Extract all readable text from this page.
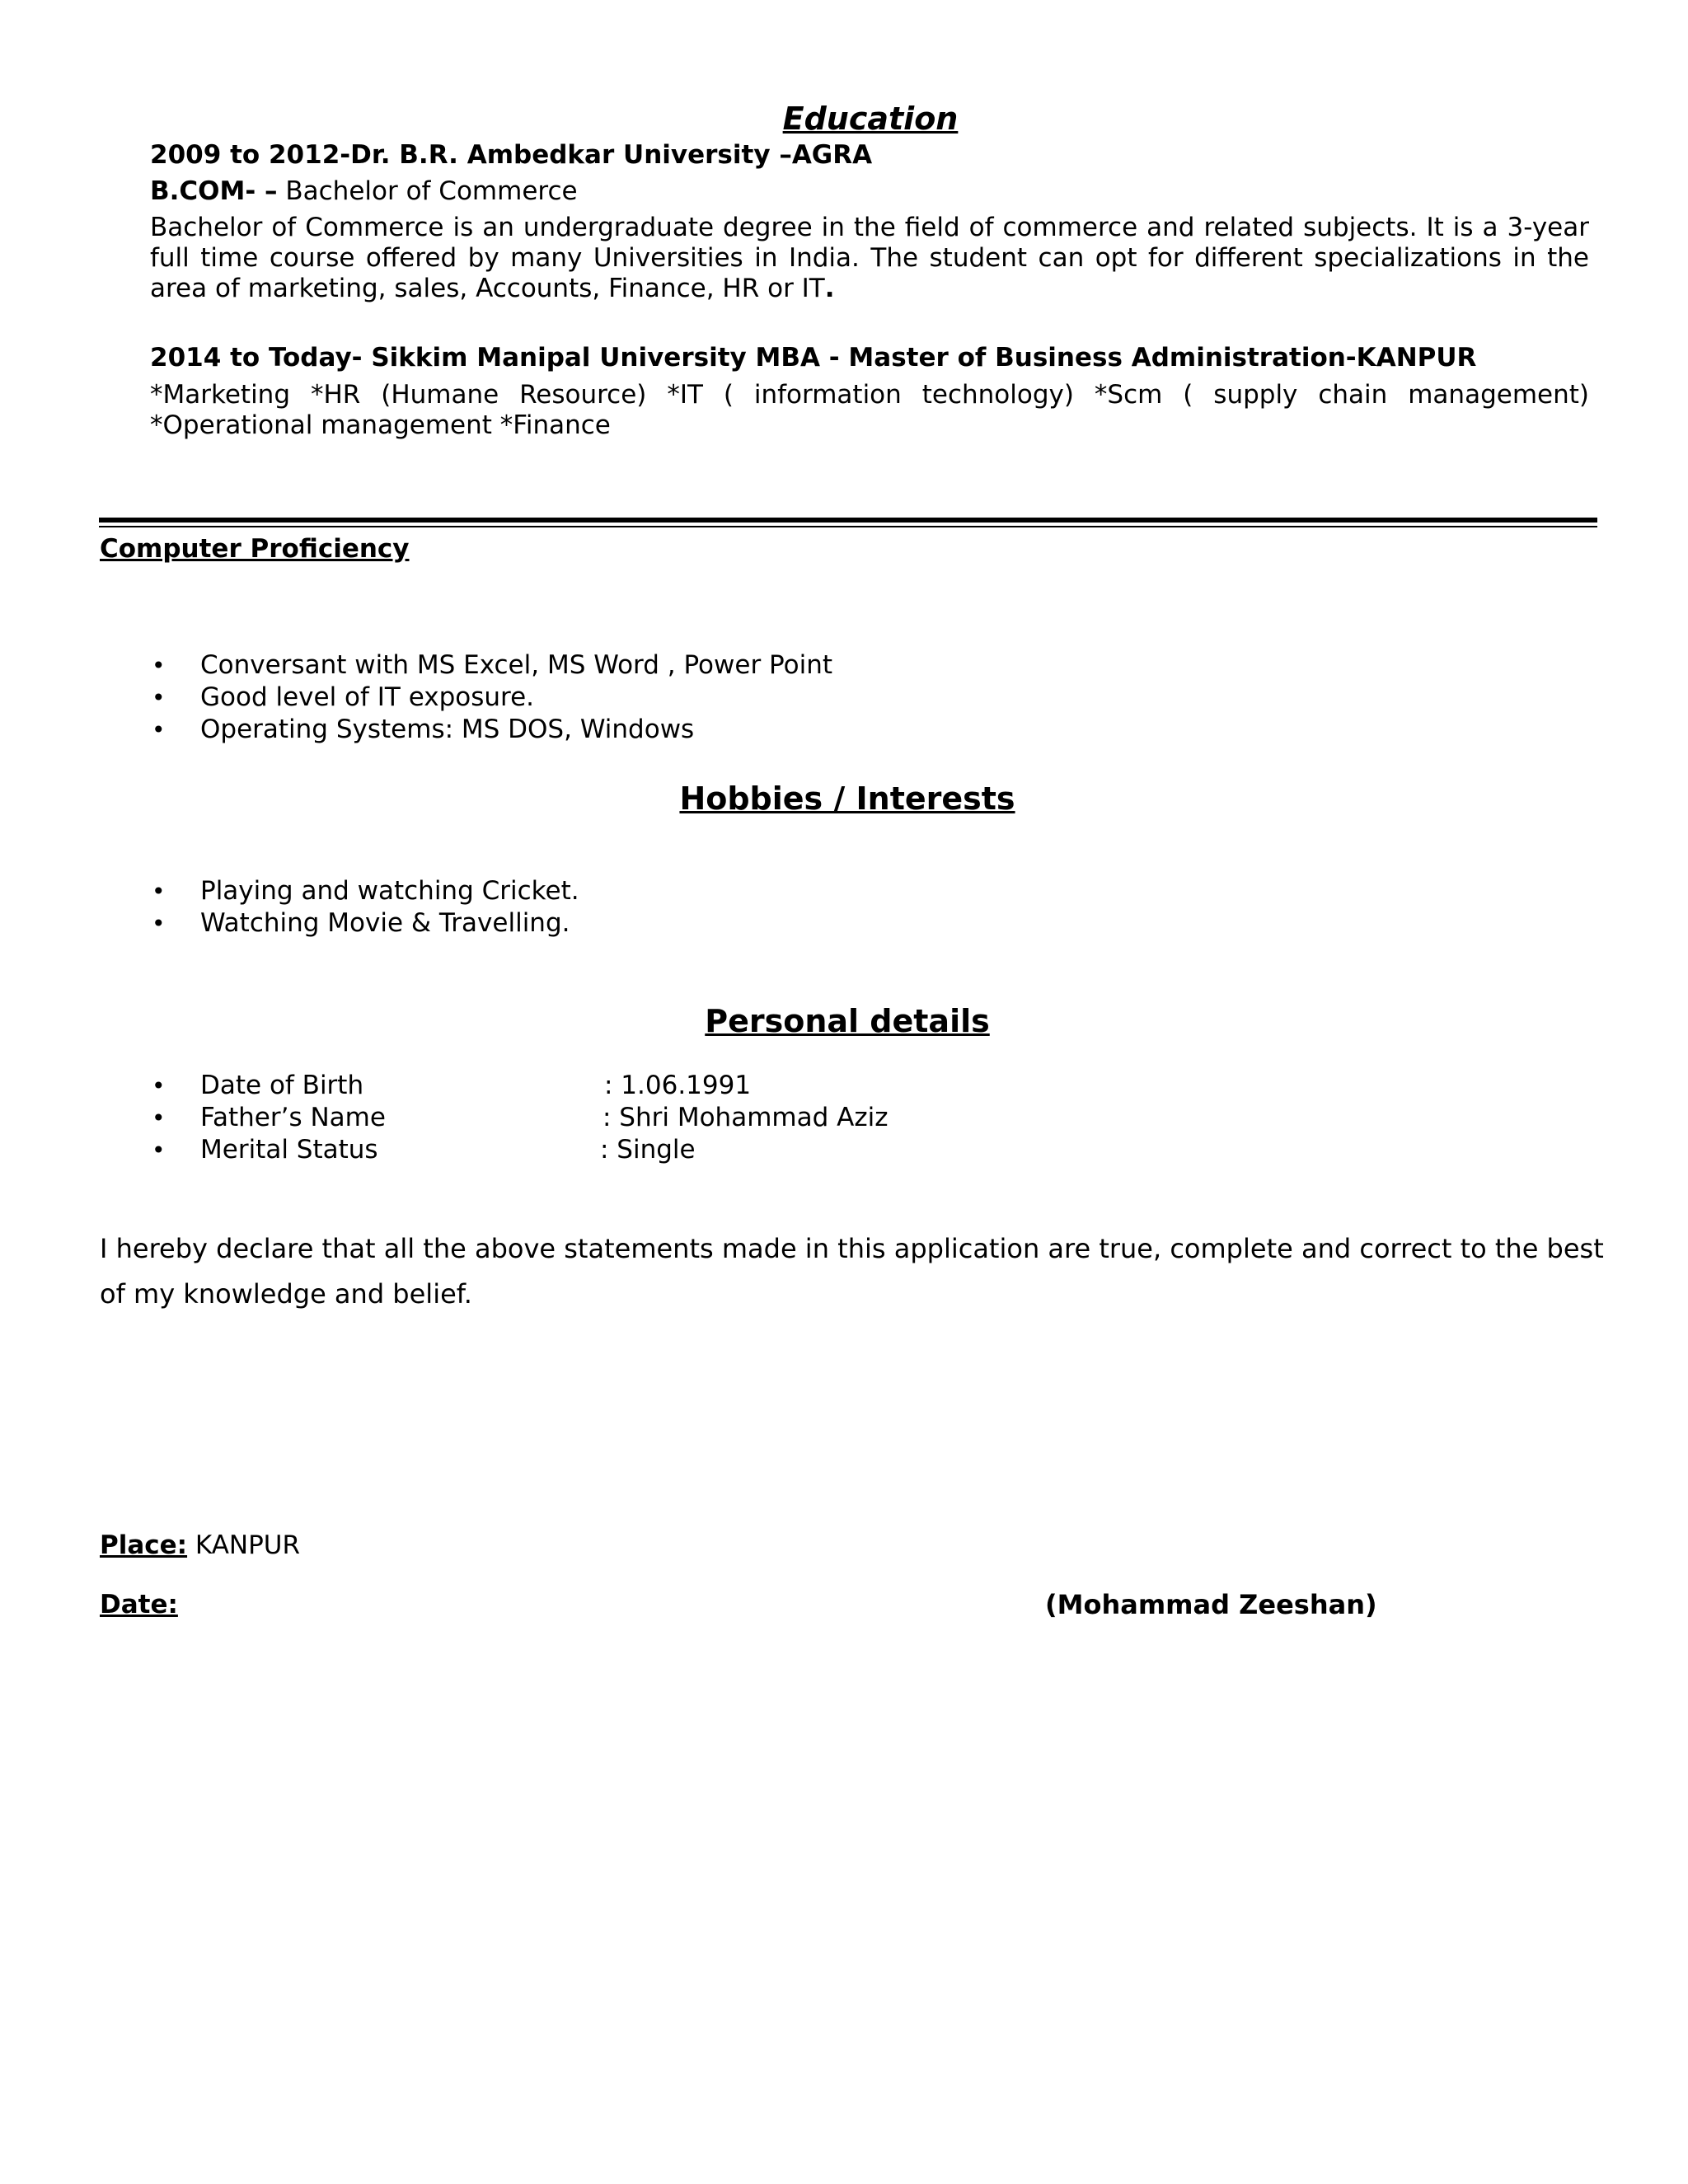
Education
2009 to 2012-Dr. B.R. Ambedkar University –AGRA
B.COM- – Bachelor of Commerce
Bachelor of Commerce is an undergraduate degree in the field of commerce and related subjects. It is a 3-year full time course offered by many Universities in India. The student can opt for different specializations in the area of marketing, sales, Accounts, Finance, HR or IT.
2014 to Today- Sikkim Manipal University MBA - Master of Business Administration-KANPUR
*Marketing *HR (Humane Resource) *IT ( information technology) *Scm ( supply chain management)
*Operational management *Finance
Computer Proficiency
• Conversant with MS Excel, MS Word , Power Point
• Good level of IT exposure.
• Operating Systems: MS DOS, Windows
Hobbies / Interests
• Playing and watching Cricket.
• Watching Movie & Travelling.
Personal details
• Date of Birth	: 1.06.1991
• Father’s Name	: Shri Mohammad Aziz
• Merital Status	: Single
I hereby declare that all the above statements made in this application are true, complete and correct to the best of my knowledge and belief.
Place: KANPUR
Date:	(Mohammad Zeeshan)
